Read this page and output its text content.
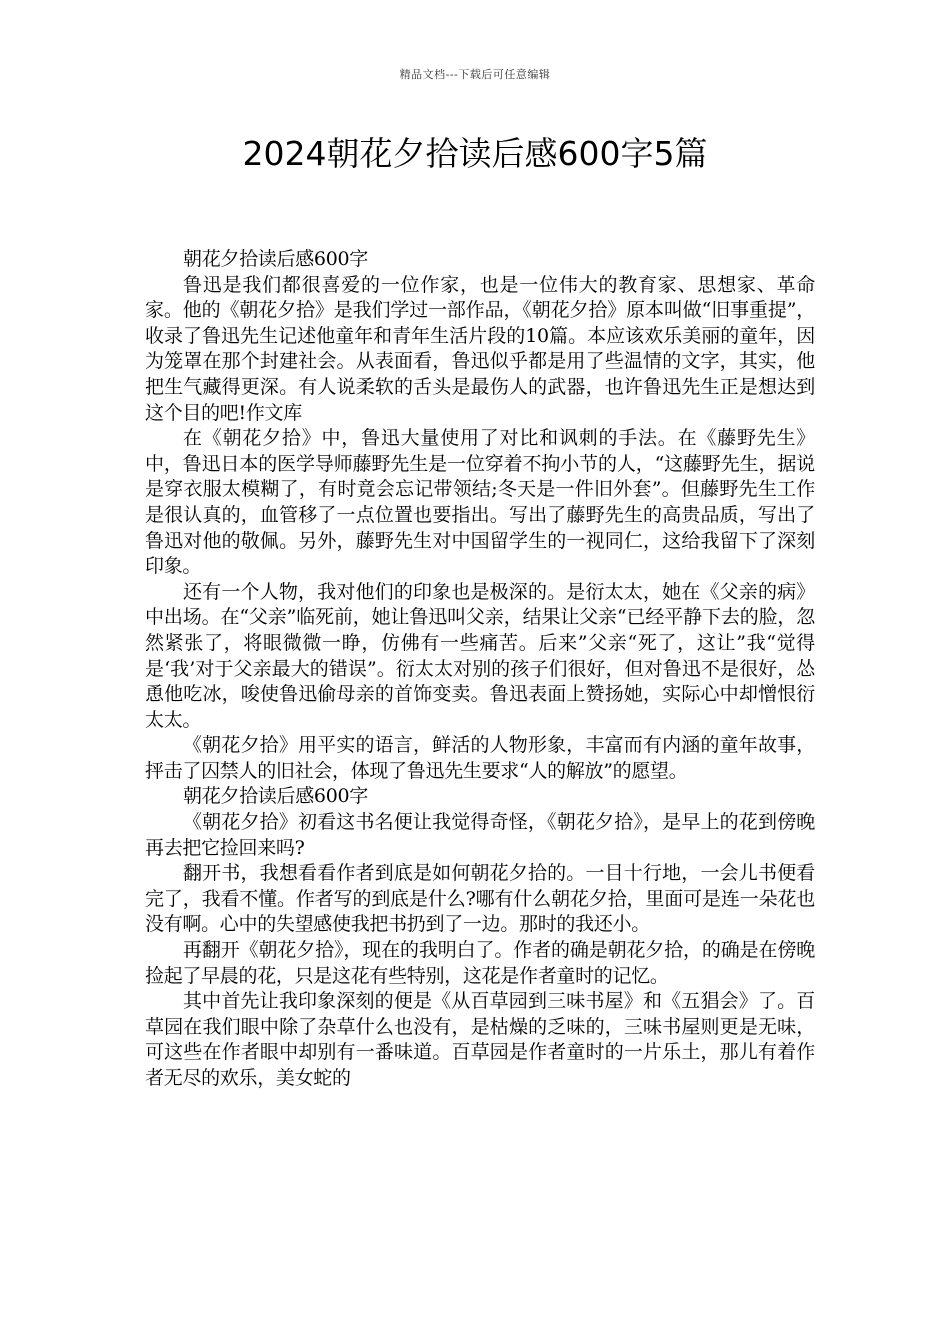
精品文档---下载后可任意编辑
2024朝花夕拾读后感600字5篇

朝花夕拾读后感600字

鲁迅是我们都很喜爱的一位作家，也是一位伟大的教育家、思想家、革命家。他的《朝花夕拾》是我们学过一部作品，《朝花夕拾》原本叫做“旧事重提”，收录了鲁迅先生记述他童年和青年生活片段的10篇。本应该欢乐美丽的童年，因为笼罩在那个封建社会。从表面看，鲁迅似乎都是用了些温情的文字，其实，他把生气藏得更深。有人说柔软的舌头是最伤人的武器，也许鲁迅先生正是想达到这个目的吧!作文库

在《朝花夕拾》中，鲁迅大量使用了对比和讽刺的手法。在《藤野先生》中，鲁迅日本的医学导师藤野先生是一位穿着不拘小节的人，“这藤野先生，据说是穿衣服太模糊了，有时竟会忘记带领结;冬天是一件旧外套”。但藤野先生工作是很认真的，血管移了一点位置也要指出。写出了藤野先生的高贵品质，写出了鲁迅对他的敬佩。另外，藤野先生对中国留学生的一视同仁，这给我留下了深刻印象。

还有一个人物，我对他们的印象也是极深的。是衍太太，她在《父亲的病》中出场。在“父亲”临死前，她让鲁迅叫父亲，结果让父亲“已经平静下去的脸，忽然紧张了，将眼微微一睁，仿佛有一些痛苦。后来”父亲“死了，这让”我“觉得是‘我’对于父亲最大的错误”。衍太太对别的孩子们很好，但对鲁迅不是很好，怂恿他吃冰，唆使鲁迅偷母亲的首饰变卖。鲁迅表面上赞扬她，实际心中却憎恨衍太太。

《朝花夕拾》用平实的语言，鲜活的人物形象，丰富而有内涵的童年故事，抨击了囚禁人的旧社会，体现了鲁迅先生要求“人的解放”的愿望。

朝花夕拾读后感600字

《朝花夕拾》初看这书名便让我觉得奇怪，《朝花夕拾》，是早上的花到傍晚再去把它捡回来吗?

翻开书，我想看看作者到底是如何朝花夕拾的。一目十行地，一会儿书便看完了，我看不懂。作者写的到底是什么?哪有什么朝花夕拾，里面可是连一朵花也没有啊。心中的失望感使我把书扔到了一边。那时的我还小。

再翻开《朝花夕拾》，现在的我明白了。作者的确是朝花夕拾，的确是在傍晚捡起了早晨的花，只是这花有些特别，这花是作者童时的记忆。

其中首先让我印象深刻的便是《从百草园到三味书屋》和《五猖会》了。百草园在我们眼中除了杂草什么也没有，是枯燥的乏味的，三味书屋则更是无味，可这些在作者眼中却别有一番味道。百草园是作者童时的一片乐土，那儿有着作者无尽的欢乐，美女蛇的
